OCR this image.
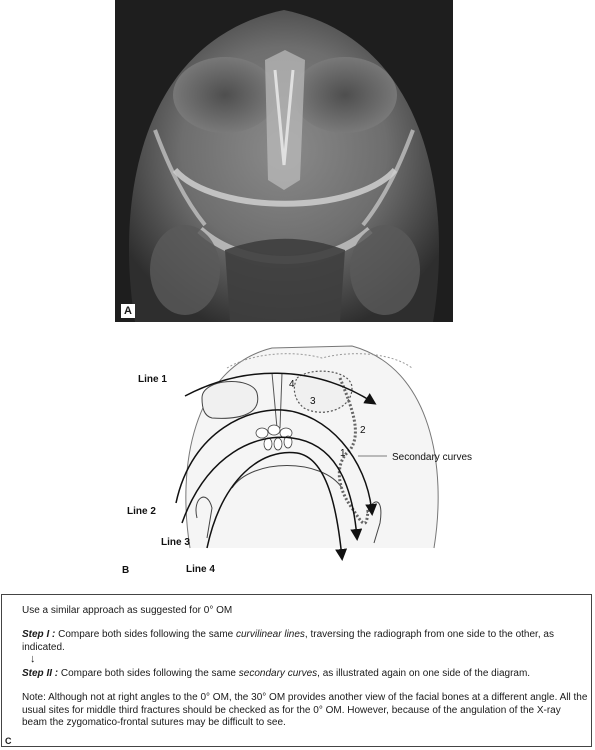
A
Line 1
Line 2
Line 3
Line 4
Secondary curves
1
2
3
4
B
Use a similar approach as suggested for 0° OM
Step I : Compare both sides following the same curvilinear lines, traversing the radiograph from one side to the other, as indicated.
↓
Step II : Compare both sides following the same secondary curves, as illustrated again on one side of the diagram.
Note: Although not at right angles to the 0° OM, the 30° OM provides another view of the facial bones at a different angle. All the usual sites for middle third fractures should be checked as for the 0° OM. However, because of the angulation of the X-ray beam the zygomatico-frontal sutures may be difficult to see.
C
